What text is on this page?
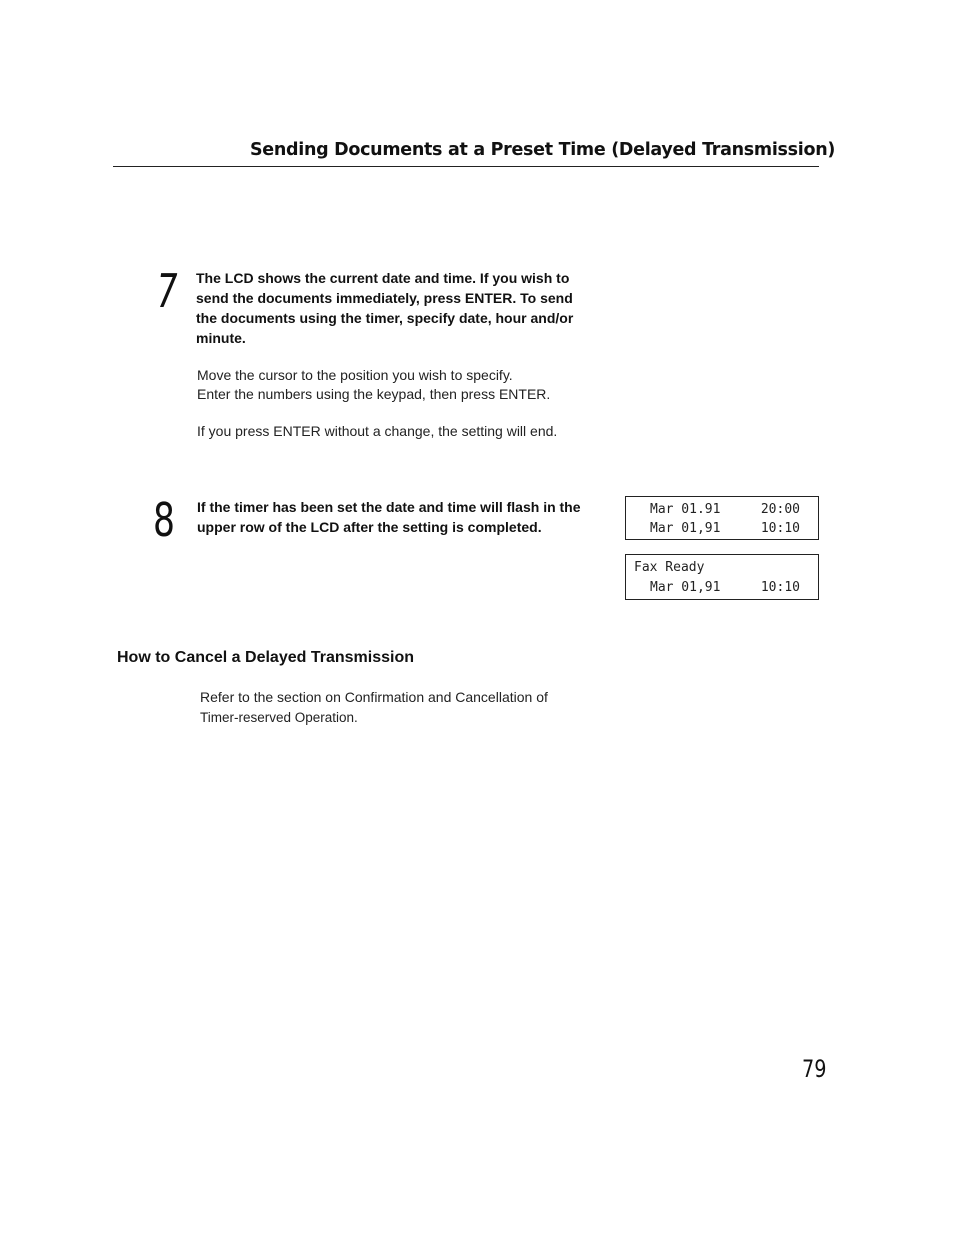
Sending Documents at a Preset Time (Delayed Transmission)
7 The LCD shows the current date and time. If you wish to send the documents immediately, press ENTER. To send the documents using the timer, specify date, hour and/or minute.
Move the cursor to the position you wish to specify.
Enter the numbers using the keypad, then press ENTER.
If you press ENTER without a change, the setting will end.
8 If the timer has been set the date and time will flash in the upper row of the LCD after the setting is completed.
Mar 01.91	20:00
Mar 01,91	10:10
Fax Ready
Mar 01,91	10:10
How to Cancel a Delayed Transmission
Refer to the section on Confirmation and Cancellation of
Timer-reserved Operation.
79
